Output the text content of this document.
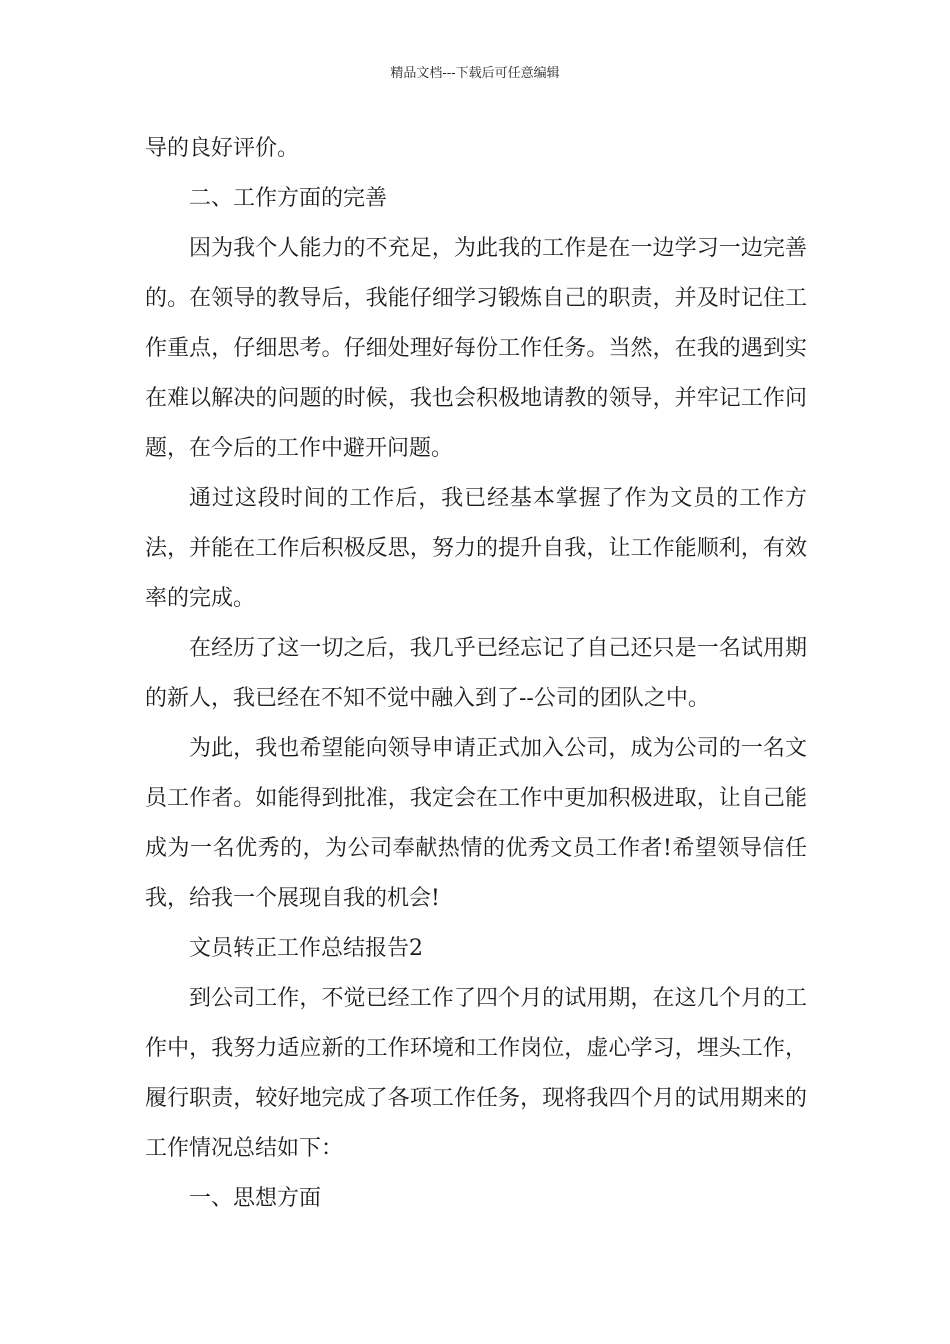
精品文档---下载后可任意编辑

导的良好评价。

二、工作方面的完善

因为我个人能力的不充足，为此我的工作是在一边学习一边完善的。在领导的教导后，我能仔细学习锻炼自己的职责，并及时记住工作重点，仔细思考。仔细处理好每份工作任务。当然，在我的遇到实在难以解决的问题的时候，我也会积极地请教的领导，并牢记工作问题，在今后的工作中避开问题。

通过这段时间的工作后，我已经基本掌握了作为文员的工作方法，并能在工作后积极反思，努力的提升自我，让工作能顺利，有效率的完成。

在经历了这一切之后，我几乎已经忘记了自己还只是一名试用期的新人，我已经在不知不觉中融入到了--公司的团队之中。

为此，我也希望能向领导申请正式加入公司，成为公司的一名文员工作者。如能得到批准，我定会在工作中更加积极进取，让自己能成为一名优秀的，为公司奉献热情的优秀文员工作者!希望领导信任我，给我一个展现自我的机会!

文员转正工作总结报告2

到公司工作，不觉已经工作了四个月的试用期，在这几个月的工作中，我努力适应新的工作环境和工作岗位，虚心学习，埋头工作，履行职责，较好地完成了各项工作任务，现将我四个月的试用期来的工作情况总结如下：

一、思想方面
